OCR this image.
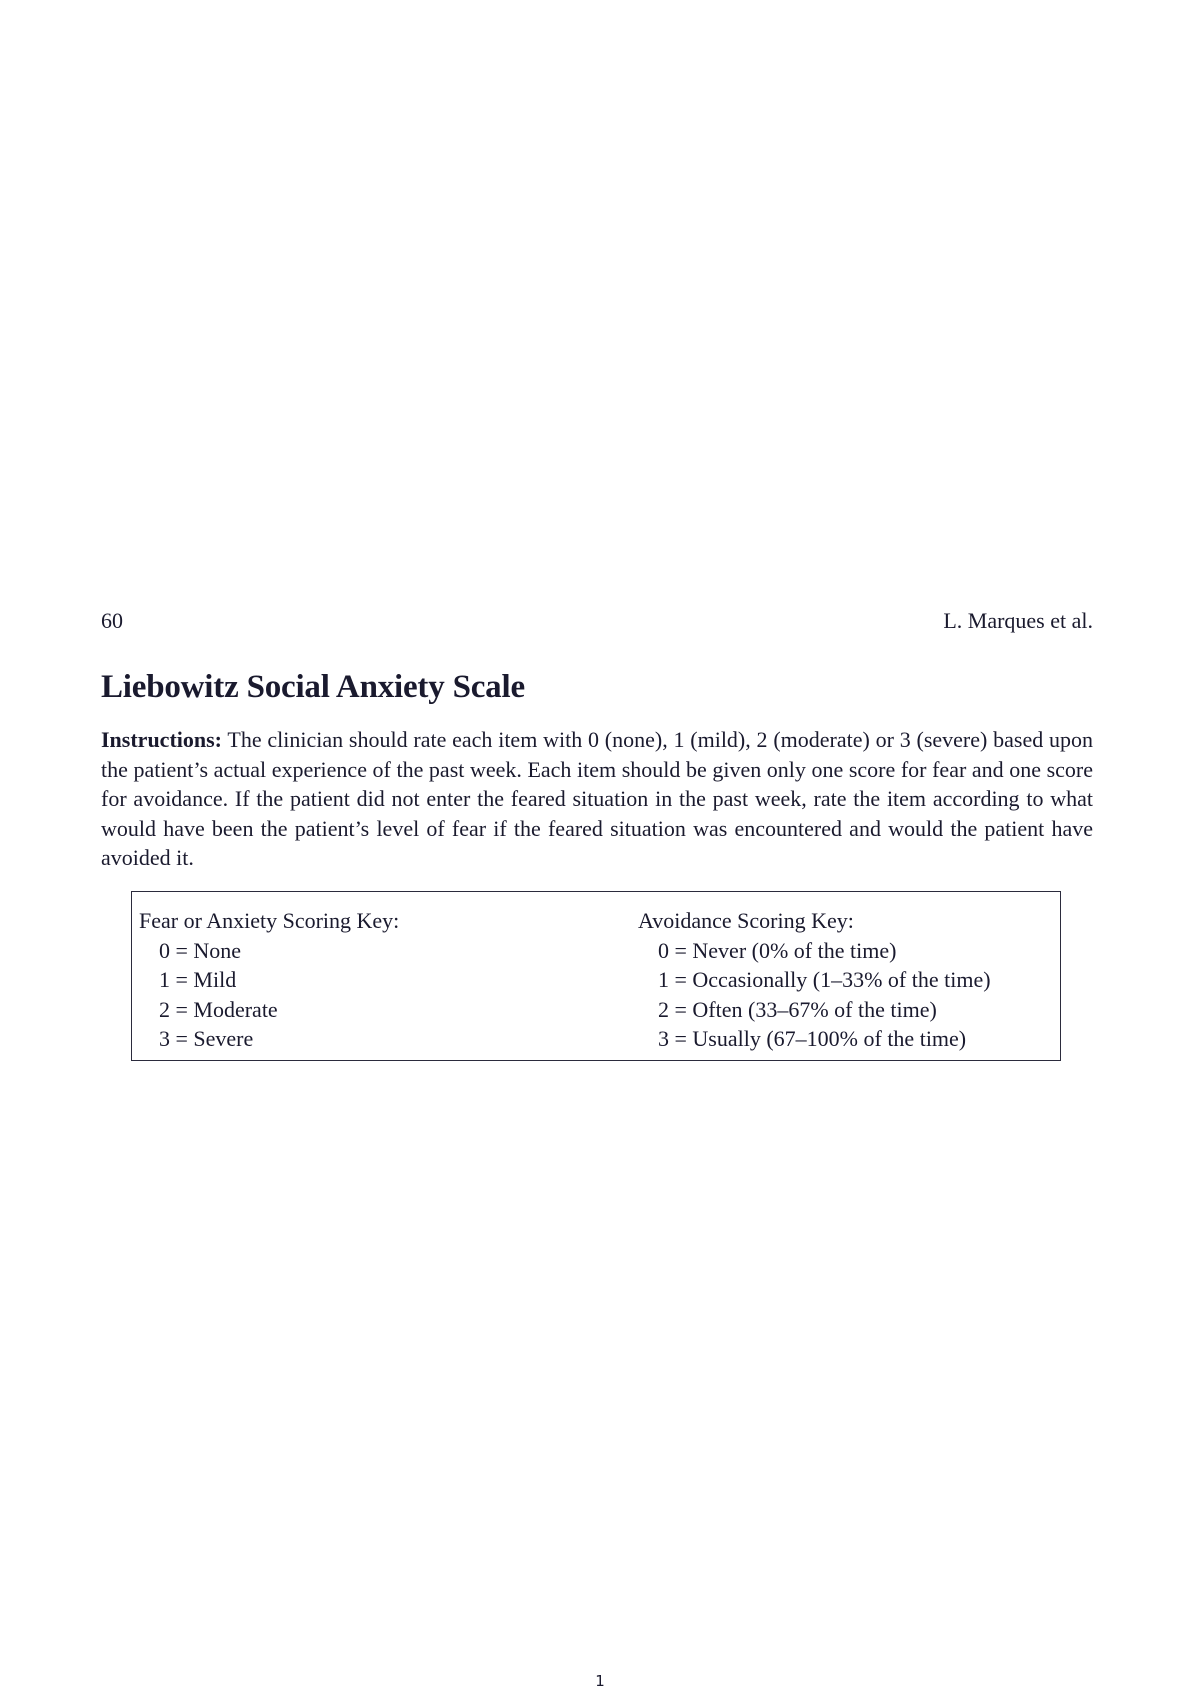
60	L. Marques et al.
Liebowitz Social Anxiety Scale

Instructions: The clinician should rate each item with 0 (none), 1 (mild), 2 (moderate) or 3 (severe) based upon the patient’s actual experience of the past week. Each item should be given only one score for fear and one score for avoidance. If the patient did not enter the feared situation in the past week, rate the item according to what would have been the patient’s level of fear if the feared situation was encountered and would the patient have avoided it.

Fear or Anxiety Scoring Key:
0 = None
1 = Mild
2 = Moderate
3 = Severe
Avoidance Scoring Key:
0 = Never (0% of the time)
1 = Occasionally (1–33% of the time)
2 = Often (33–67% of the time)
3 = Usually (67–100% of the time)
1
